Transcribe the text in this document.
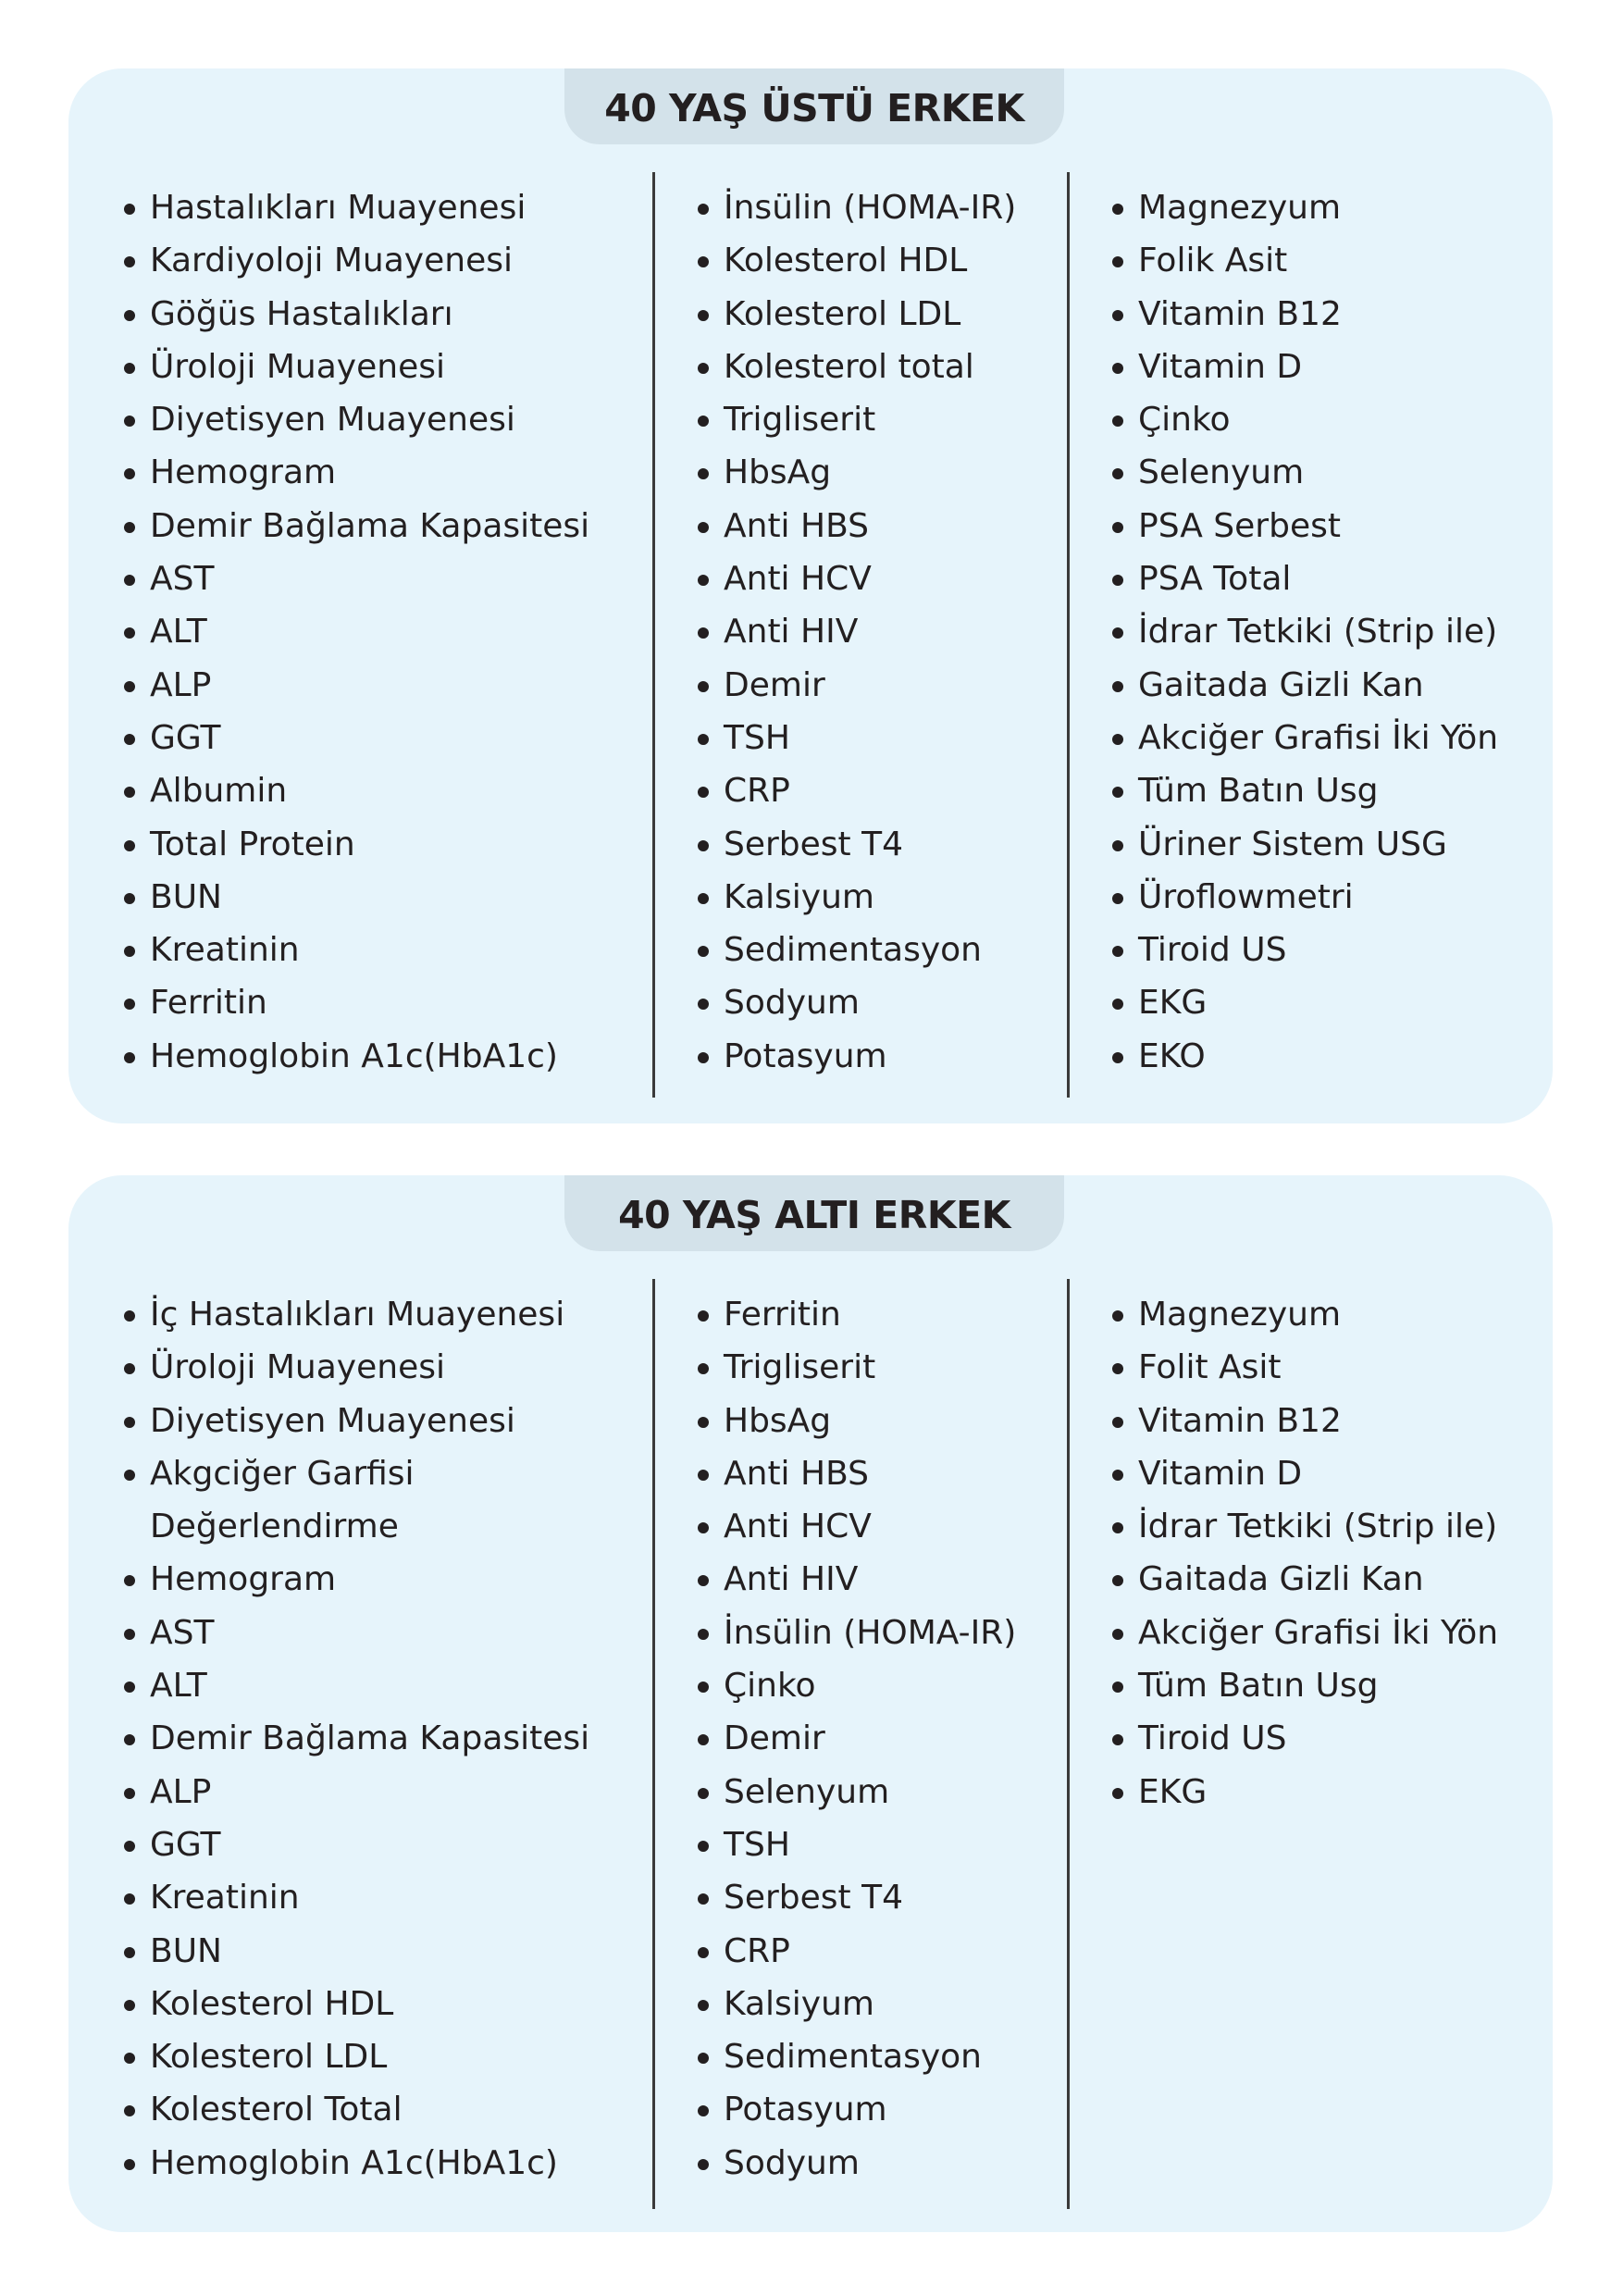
40 YAŞ ÜSTÜ ERKEK
Hastalıkları Muayenesi
Kardiyoloji Muayenesi
Göğüs Hastalıkları
Üroloji Muayenesi
Diyetisyen Muayenesi
Hemogram
Demir Bağlama Kapasitesi
AST
ALT
ALP
GGT
Albumin
Total Protein
BUN
Kreatinin
Ferritin
Hemoglobin A1c(HbA1c)
İnsülin (HOMA-IR)
Kolesterol HDL
Kolesterol LDL
Kolesterol total
Trigliserit
HbsAg
Anti HBS
Anti HCV
Anti HIV
Demir
TSH
CRP
Serbest T4
Kalsiyum
Sedimentasyon
Sodyum
Potasyum
Magnezyum
Folik Asit
Vitamin B12
Vitamin D
Çinko
Selenyum
PSA Serbest
PSA Total
İdrar Tetkiki (Strip ile)
Gaitada Gizli Kan
Akciğer Grafisi İki Yön
Tüm Batın Usg
Üriner Sistem USG
Üroflowmetri
Tiroid US
EKG
EKO
40 YAŞ ALTI ERKEK
İç Hastalıkları Muayenesi
Üroloji Muayenesi
Diyetisyen Muayenesi
Akgciğer Garfisi Değerlendirme
Hemogram
AST
ALT
Demir Bağlama Kapasitesi
ALP
GGT
Kreatinin
BUN
Kolesterol HDL
Kolesterol LDL
Kolesterol Total
Hemoglobin A1c(HbA1c)
Ferritin
Trigliserit
HbsAg
Anti HBS
Anti HCV
Anti HIV
İnsülin (HOMA-IR)
Çinko
Demir
Selenyum
TSH
Serbest T4
CRP
Kalsiyum
Sedimentasyon
Potasyum
Sodyum
Magnezyum
Folit Asit
Vitamin B12
Vitamin D
İdrar Tetkiki (Strip ile)
Gaitada Gizli Kan
Akciğer Grafisi İki Yön
Tüm Batın Usg
Tiroid US
EKG
